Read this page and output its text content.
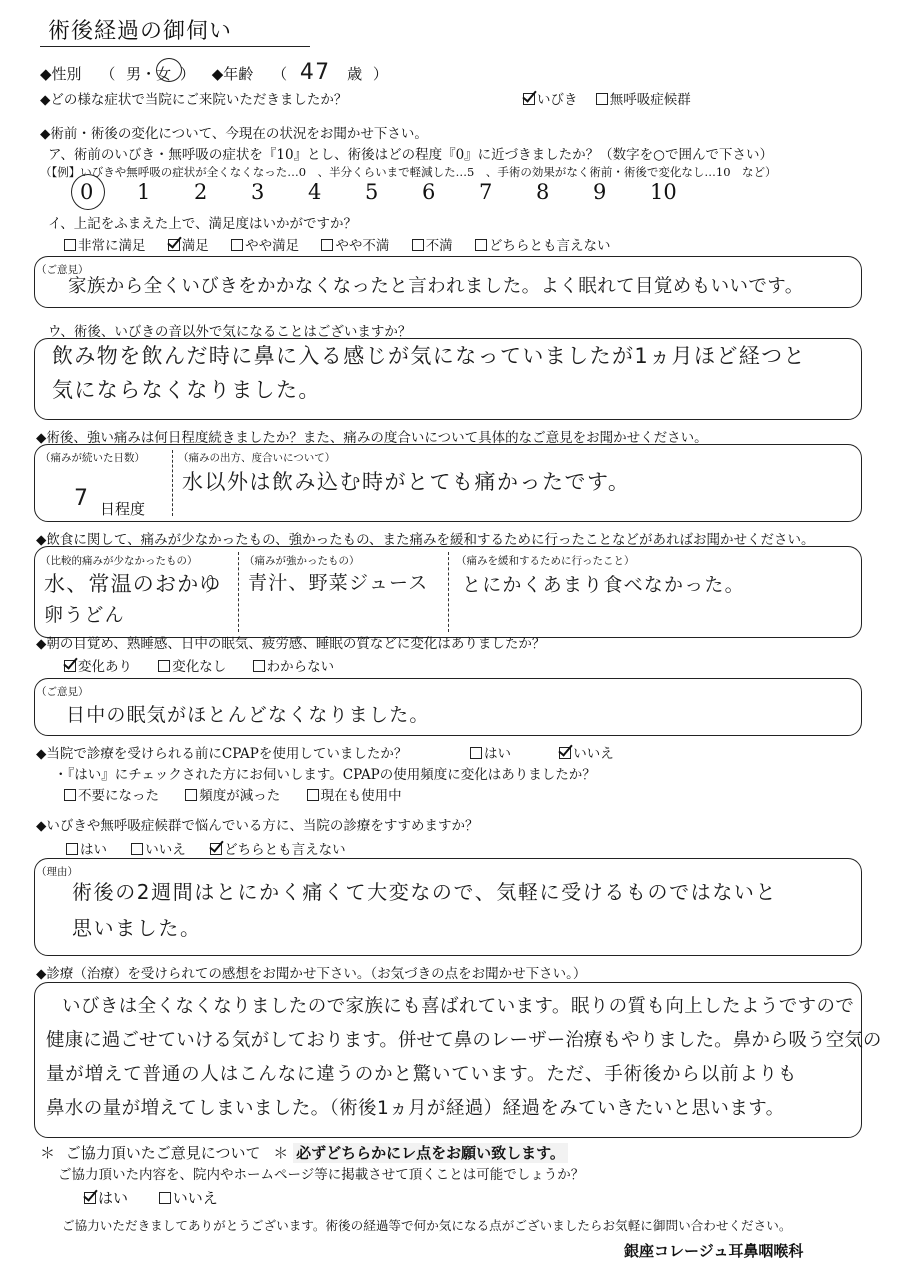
術後経過の御伺い
◆性別 （ 男・女 ） ◆年齢 （ 47 歳 ）
◆どの様な症状で当院にご来院いただきましたか？	いびき 無呼吸症候群
◆術前・術後の変化について、今現在の状況をお聞かせ下さい。
ア、術前のいびき・無呼吸の症状を『10』とし、術後はどの程度『0』に近づきましたか？（数字を○で囲んで下さい）
（【例】いびきや無呼吸の症状が全くなくなった…0　、半分くらいまで軽減した…5　、手術の効果がなく術前・術後で変化なし…10　など）
0 1 2 3 4 5 6 7 8 9 10
イ、上記をふまえた上で、満足度はいかがですか？
非常に満足	満足	やや満足	やや不満	不満	どちらとも言えない
（ご意見）
家族から全くいびきをかかなくなったと言われました。よく眠れて目覚めもいいです。
ウ、術後、いびきの音以外で気になることはございますか？
飲み物を飲んだ時に鼻に入る感じが気になっていましたが1ヵ月ほど経つと
気にならなくなりました。
◆術後、強い痛みは何日程度続きましたか？また、痛みの度合いについて具体的なご意見をお聞かせください。
（痛みが続いた日数）
7 日程度
（痛みの出方、度合いについて）
水以外は飲み込む時がとても痛かったです。
◆飲食に関して、痛みが少なかったもの、強かったもの、また痛みを緩和するために行ったことなどがあればお聞かせください。
（比較的痛みが少なかったもの）
水、常温のおかゆ
卵うどん
（痛みが強かったもの）
青汁、野菜ジュース
（痛みを緩和するために行ったこと）
とにかくあまり食べなかった。
◆朝の目覚め、熟睡感、日中の眠気、疲労感、睡眠の質などに変化はありましたか？
変化あり	変化なし	わからない
（ご意見）
日中の眠気がほとんどなくなりました。
◆当院で診療を受けられる前にCPAPを使用していましたか？	はい	いいえ
・『はい』にチェックされた方にお伺いします。CPAPの使用頻度に変化はありましたか？
不要になった	頻度が減った	現在も使用中
◆いびきや無呼吸症候群で悩んでいる方に、当院の診療をすすめますか？
はい	いいえ	どちらとも言えない
（理由）
術後の2週間はとにかく痛くて大変なので、気軽に受けるものではないと
思いました。
◆診療（治療）を受けられての感想をお聞かせ下さい。（お気づきの点をお聞かせ下さい。）
いびきは全くなくなりましたので家族にも喜ばれています。眠りの質も向上したようですので
健康に過ごせていける気がしております。併せて鼻のレーザー治療もやりました。鼻から吸う空気の
量が増えて普通の人はこんなに違うのかと驚いています。ただ、手術後から以前よりも
鼻水の量が増えてしまいました。（術後1ヵ月が経過）経過をみていきたいと思います。
＊ ご協力頂いたご意見について ＊ 必ずどちらかにレ点をお願い致します。
ご協力頂いた内容を、院内やホームページ等に掲載させて頂くことは可能でしょうか？
はい	いいえ
ご協力いただきましてありがとうございます。術後の経過等で何か気になる点がございましたらお気軽に御問い合わせください。
銀座コレージュ耳鼻咽喉科
